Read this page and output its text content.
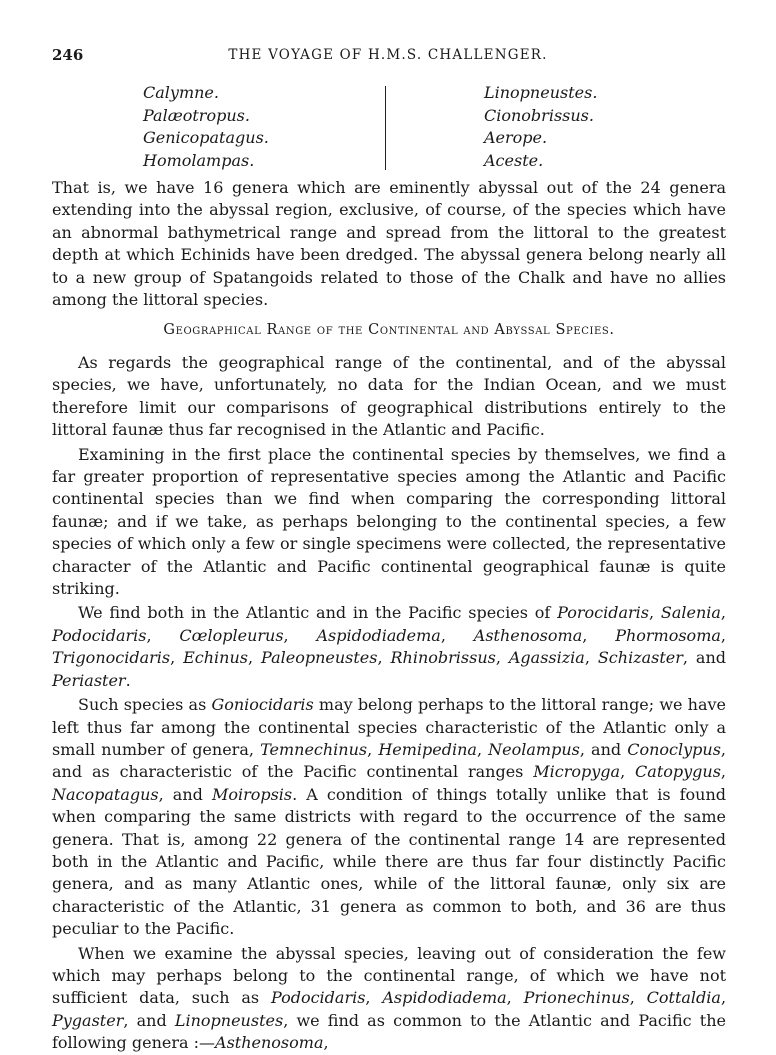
246	THE VOYAGE OF H.M.S. CHALLENGER.
Calymne.
Palæotropus.
Genicopatagus.
Homolampas.
Linopneustes.
Cionobrissus.
Aerope.
Aceste.

That is, we have 16 genera which are eminently abyssal out of the 24 genera extending into the abyssal region, exclusive, of course, of the species which have an abnormal bathymetrical range and spread from the littoral to the greatest depth at which Echinids have been dredged. The abyssal genera belong nearly all to a new group of Spatangoids related to those of the Chalk and have no allies among the littoral species.

Geographical Range of the Continental and Abyssal Species.

As regards the geographical range of the continental, and of the abyssal species, we have, unfortunately, no data for the Indian Ocean, and we must therefore limit our comparisons of geographical distributions entirely to the littoral faunæ thus far recognised in the Atlantic and Pacific.

Examining in the first place the continental species by themselves, we find a far greater proportion of representative species among the Atlantic and Pacific continental species than we find when comparing the corresponding littoral faunæ; and if we take, as perhaps belonging to the continental species, a few species of which only a few or single specimens were collected, the representative character of the Atlantic and Pacific continental geographical faunæ is quite striking.

We find both in the Atlantic and in the Pacific species of Porocidaris, Salenia, Podocidaris, Cœlopleurus, Aspidodiadema, Asthenosoma, Phormosoma, Trigonocidaris, Echinus, Paleopneustes, Rhinobrissus, Agassizia, Schizaster, and Periaster.

Such species as Goniocidaris may belong perhaps to the littoral range; we have left thus far among the continental species characteristic of the Atlantic only a small number of genera, Temnechinus, Hemipedina, Neolampus, and Conoclypus, and as characteristic of the Pacific continental ranges Micropyga, Catopygus, Nacopatagus, and Moiropsis. A condition of things totally unlike that is found when comparing the same districts with regard to the occurrence of the same genera. That is, among 22 genera of the continental range 14 are represented both in the Atlantic and Pacific, while there are thus far four distinctly Pacific genera, and as many Atlantic ones, while of the littoral faunæ, only six are characteristic of the Atlantic, 31 genera as common to both, and 36 are thus peculiar to the Pacific.

When we examine the abyssal species, leaving out of consideration the few which may perhaps belong to the continental range, of which we have not sufficient data, such as Podocidaris, Aspidodiadema, Prionechinus, Cottaldia, Pygaster, and Linopneustes, we find as common to the Atlantic and Pacific the following genera :—Asthenosoma,
